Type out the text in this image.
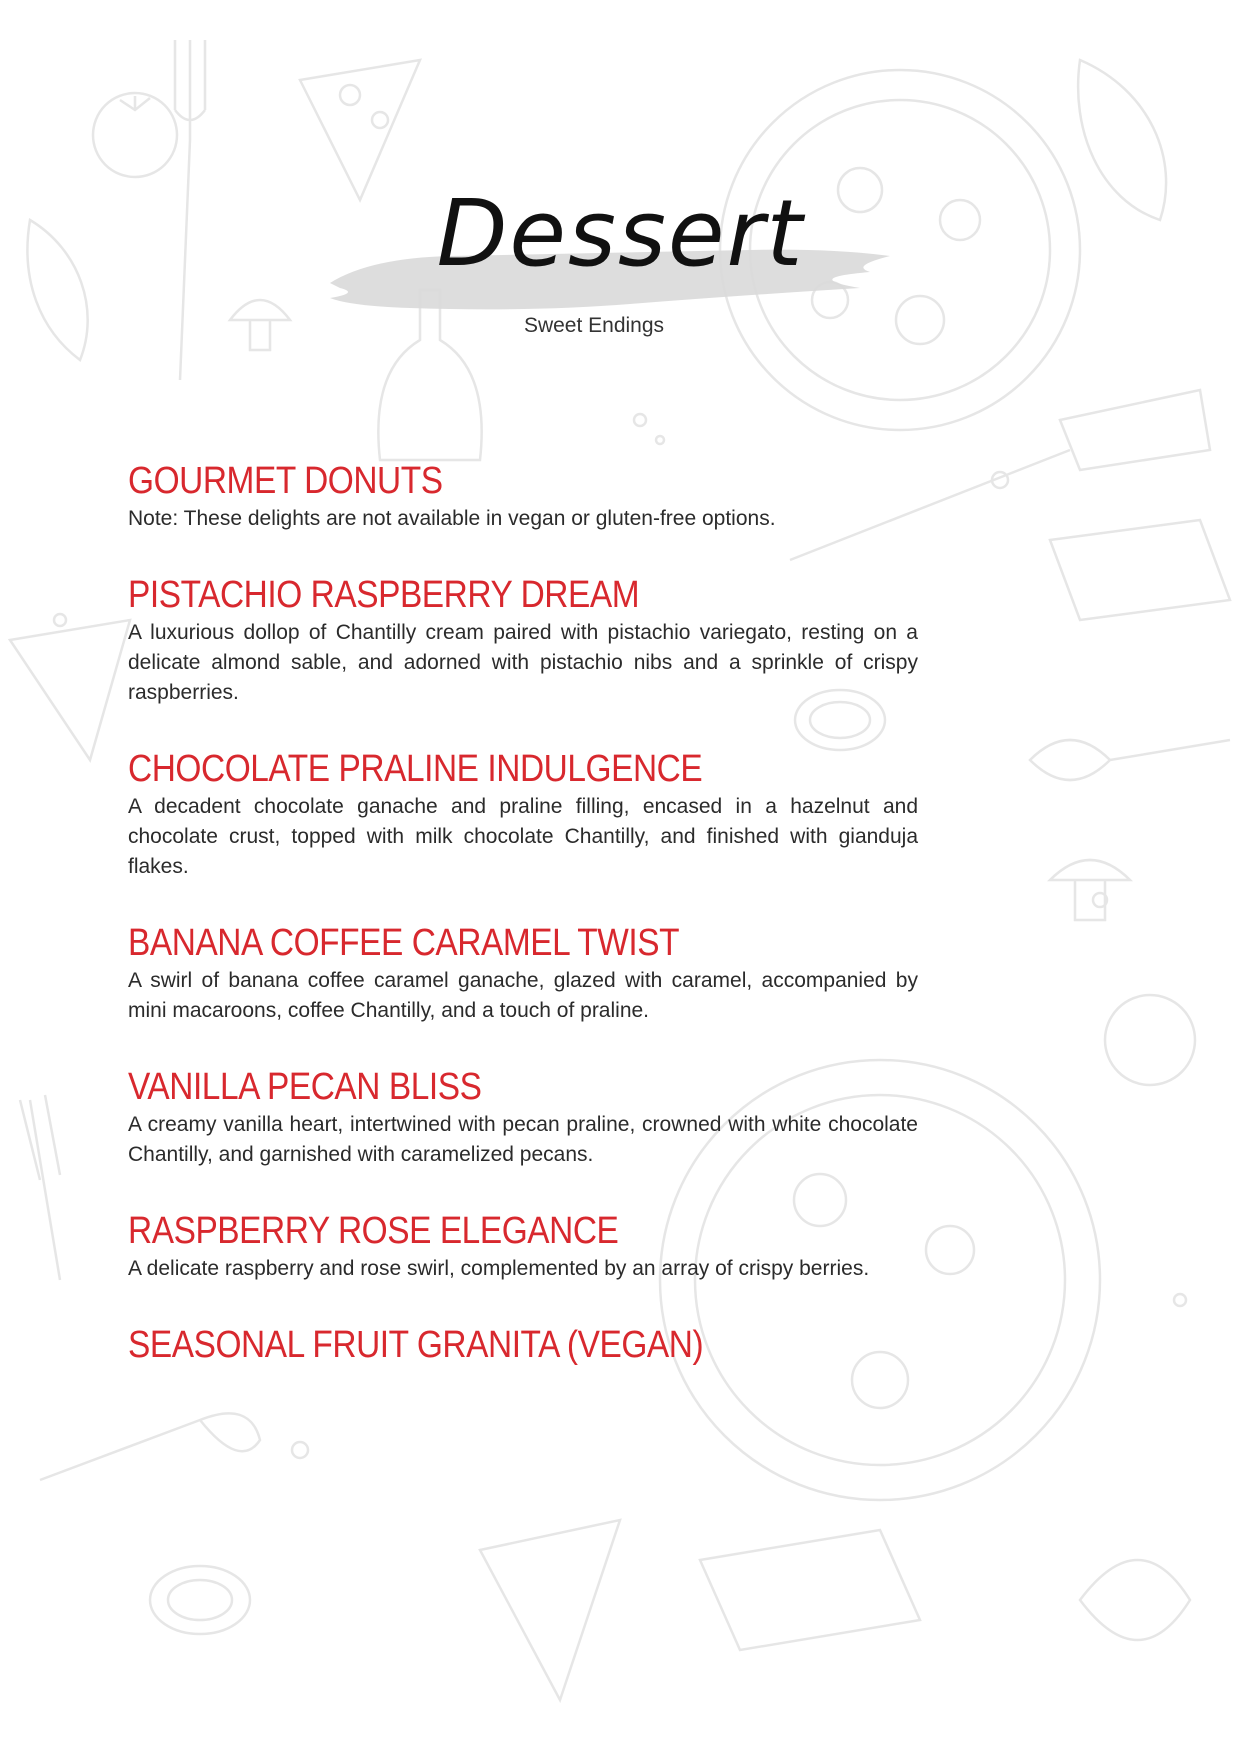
Dessert

Sweet Endings

GOURMET DONUTS

Note: These delights are not available in vegan or gluten-free options.

PISTACHIO RASPBERRY DREAM

A luxurious dollop of Chantilly cream paired with pistachio variegato, resting on a delicate almond sable, and adorned with pistachio nibs and a sprinkle of crispy raspberries.

CHOCOLATE PRALINE INDULGENCE

A decadent chocolate ganache and praline filling, encased in a hazelnut and chocolate crust, topped with milk chocolate Chantilly, and finished with gianduja flakes.

BANANA COFFEE CARAMEL TWIST

A swirl of banana coffee caramel ganache, glazed with caramel, accompanied by mini macaroons, coffee Chantilly, and a touch of praline.

VANILLA PECAN BLISS

A creamy vanilla heart, intertwined with pecan praline, crowned with white chocolate Chantilly, and garnished with caramelized pecans.

RASPBERRY ROSE ELEGANCE

A delicate raspberry and rose swirl, complemented by an array of crispy berries.

SEASONAL FRUIT GRANITA (VEGAN)
